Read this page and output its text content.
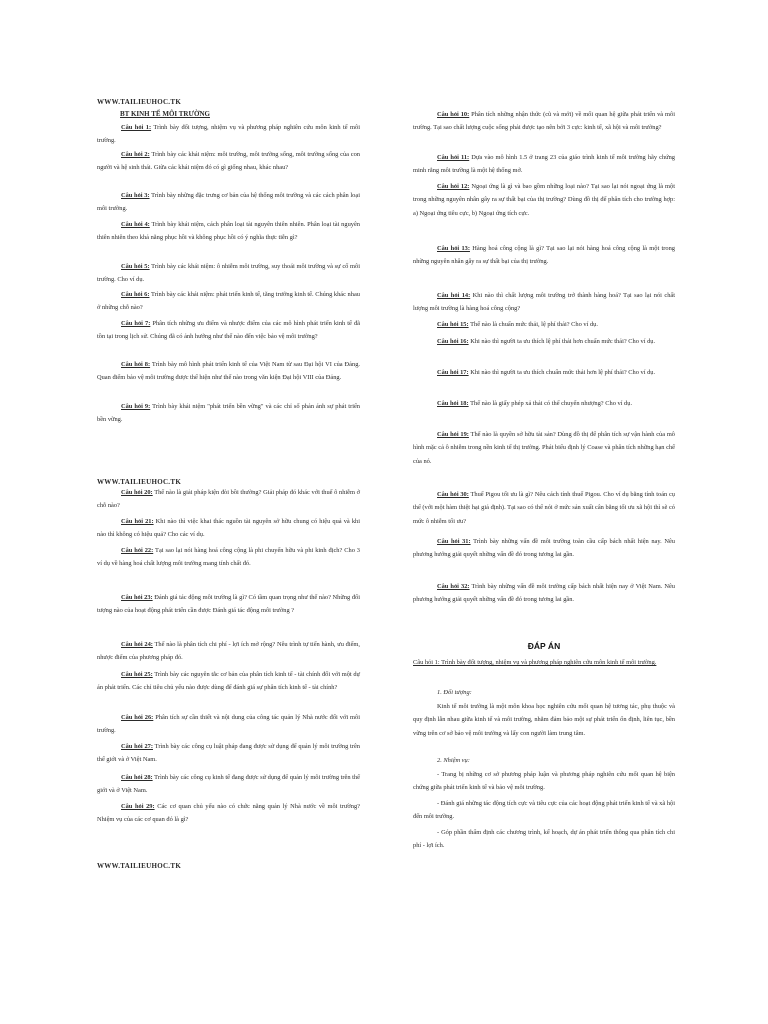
WWW.TAILIEUHOC.TK
BT KINH TẾ MÔI TRƯỜNG

Câu hỏi 1: Trình bày đối tượng, nhiệm vụ và phương pháp nghiên cứu môn kinh tế môi trường.

Câu hỏi 2: Trình bày các khái niệm: môi trường, môi trường sống, môi trường sống của con người và hệ sinh thái. Giữa các khái niệm đó có gì giống nhau, khác nhau?

Câu hỏi 3: Trình bày những đặc trưng cơ bản của hệ thống môi trường và các cách phân loại môi trường.

Câu hỏi 4: Trình bày khái niệm, cách phân loại tài nguyên thiên nhiên. Phân loại tài nguyên thiên nhiên theo khả năng phục hồi và không phục hồi có ý nghĩa thực tiễn gì?

Câu hỏi 5: Trình bày các khái niệm: ô nhiễm môi trường, suy thoái môi trường và sự cố môi trường. Cho ví dụ.

Câu hỏi 6: Trình bày các khái niệm: phát triển kinh tế, tăng trưởng kinh tế. Chúng khác nhau ở những chỗ nào?

Câu hỏi 7: Phân tích những ưu điểm và nhược điểm của các mô hình phát triển kinh tế đã tồn tại trong lịch sử. Chúng đã có ảnh hưởng như thế nào đến việc bảo vệ môi trường?

Câu hỏi 8: Trình bày mô hình phát triển kinh tế của Việt Nam từ sau Đại hội VI của Đảng. Quan điểm bảo vệ môi trường được thể hiện như thế nào trong văn kiện Đại hội VIII của Đảng.

Câu hỏi 9: Trình bày khái niệm "phát triển bền vững" và các chỉ số phản ánh sự phát triển bền vững.

WWW.TAILIEUHOC.TK

Câu hỏi 20: Thế nào là giải pháp kiện đòi bồi thường? Giải pháp đó khác với thuế ô nhiễm ở chỗ nào?

Câu hỏi 21: Khi nào thì việc khai thác nguồn tài nguyên sở hữu chung có hiệu quả và khi nào thì không có hiệu quả? Cho các ví dụ.

Câu hỏi 22: Tại sao lại nói hàng hoá công cộng là phi chuyển hữu và phi kinh địch? Cho 3 ví dụ về hàng hoá chất lượng môi trường mang tính chất đó.

Câu hỏi 23: Đánh giá tác động môi trường là gì? Có tầm quan trọng như thế nào? Những đối tượng nào của hoạt động phát triển cần được Đánh giá tác động môi trường ?

Câu hỏi 24: Thế nào là phân tích chi phí - lợi ích mở rộng? Nêu trình tự tiến hành, ưu điểm, nhược điểm của phương pháp đó.

Câu hỏi 25: Trình bày các nguyên tắc cơ bản của phân tích kinh tế - tài chính đối với một dự án phát triển. Các chỉ tiêu chủ yếu nào được dùng để đánh giá sự phân tích kinh tế - tài chính?

Câu hỏi 26: Phân tích sự cần thiết và nội dung của công tác quản lý Nhà nước đối với môi trường.

Câu hỏi 27: Trình bày các công cụ luật pháp đang được sử dụng để quản lý môi trường trên thế giới và ở Việt Nam.

Câu hỏi 28: Trình bày các công cụ kinh tế đang được sử dụng để quản lý môi trường trên thế giới và ở Việt Nam.

Câu hỏi 29: Các cơ quan chủ yếu nào có chức năng quản lý Nhà nước về môi trường? Nhiệm vụ của các cơ quan đó là gì?

WWW.TAILIEUHOC.TK

Câu hỏi 10: Phân tích những nhận thức (cũ và mới) về mối quan hệ giữa phát triển và môi trường. Tại sao chất lượng cuộc sống phải được tạo nên bởi 3 cực: kinh tế, xã hội và môi trường?

Câu hỏi 11: Dựa vào mô hình 1.5 ở trang 23 của giáo trình kinh tế môi trường hãy chứng minh rằng môi trường là một hệ thống mở.

Câu hỏi 12: Ngoại ứng là gì và bao gồm những loại nào? Tại sao lại nói ngoại ứng là một trong những nguyên nhân gây ra sự thất bại của thị trường? Dùng đồ thị để phân tích cho trường hợp: a) Ngoại ứng tiêu cực, b) Ngoại ứng tích cực.

Câu hỏi 13: Hàng hoá công cộng là gì? Tại sao lại nói hàng hoá công cộng là một trong những nguyên nhân gây ra sự thất bại của thị trường.

Câu hỏi 14: Khi nào thì chất lượng môi trường trở thành hàng hoá? Tại sao lại nói chất lượng môi trường là hàng hoá công cộng?

Câu hỏi 15: Thế nào là chuẩn mức thải, lệ phí thải? Cho ví dụ.

Câu hỏi 16: Khi nào thì người ta ưu thích lệ phí thải hơn chuẩn mức thải? Cho ví dụ.

Câu hỏi 17: Khi nào thì người ta ưu thích chuẩn mức thải hơn lệ phí thải? Cho ví dụ.

Câu hỏi 18: Thế nào là giấy phép xả thải có thể chuyển nhượng? Cho ví dụ.

Câu hỏi 19: Thế nào là quyền sở hữu tài sản? Dùng đồ thị để phân tích sự vận hành của mô hình mặc cả ô nhiễm trong nền kinh tế thị trường. Phát biểu định lý Coase và phân tích những hạn chế của nó.

Câu hỏi 30: Thuế Pigou tối ưu là gì? Nêu cách tính thuế Pigou. Cho ví dụ bằng tính toán cụ thể (với một hàm thiệt hại giả định). Tại sao có thể nói ở mức sản xuất cân bằng tối ưu xã hội thì sẽ có mức ô nhiễm tối ưu?

Câu hỏi 31: Trình bày những vấn đề môi trường toàn cầu cấp bách nhất hiện nay. Nêu phương hướng giải quyết những vấn đề đó trong tương lai gần.

Câu hỏi 32: Trình bày những vấn đề môi trường cấp bách nhất hiện nay ở Việt Nam. Nêu phương hướng giải quyết những vấn đề đó trong tương lai gần.

ĐÁP ÁN

Câu hỏi 1: Trình bày đối tượng, nhiệm vụ và phương pháp nghiên cứu môn kinh tế môi trường.

1. Đối tượng:

Kinh tế môi trường là một môn khoa học nghiên cứu mối quan hệ tương tác, phụ thuộc và quy định lẫn nhau giữa kinh tế và môi trường, nhằm đảm bảo một sự phát triển ổn định, liên tục, bền vững trên cơ sở bảo vệ môi trường và lấy con người làm trung tâm.

2. Nhiệm vụ:

- Trang bị những cơ sở phương pháp luận và phương pháp nghiên cứu mối quan hệ biện chứng giữa phát triển kinh tế và bảo vệ môi trường.

- Đánh giá những tác động tích cực và tiêu cực của các hoạt động phát triển kinh tế và xã hội đến môi trường.

- Góp phần thẩm định các chương trình, kế hoạch, dự án phát triển thông qua phân tích chi phí - lợi ích.
